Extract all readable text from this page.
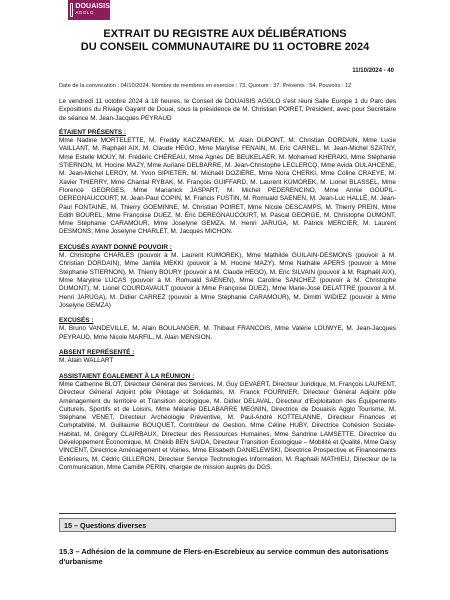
DOUAISIS
AGGLO
EXTRAIT DU REGISTRE AUX DÉLIBÉRATIONS
DU CONSEIL COMMUNAUTAIRE DU 11 OCTOBRE 2024
11/10/2024 - 40
Date de la convocation : 04/10/2024. Nombre de membres en exercice : 73. Quorum : 37. Présents : 54. Pouvoirs : 12

Le vendredi 11 octobre 2024 à 18 heures, le Conseil de DOUAISIS AGGLO s'est réuni Salle Europe 1 du Parc des Expositions du Rivage Gayant de Douai, sous la présidence de M. Christian POIRET, Président, avec pour Secrétaire de séance M. Jean-Jacques PEYRAUD

ÉTAIENT PRÉSENTS :
Mme Nadine MORTELETTE, M. Freddy KACZMAREK, M. Alain DUPONT, M. Christian DORDAIN, Mme Lucie VAILLANT, M. Raphaël AIX, M. Claude HEGO, Mme Marylise FENAIN, M. Eric CARNEL, M. Jean-Michel SZATNY, Mme Estelle MOUY, M. Frédéric CHÉREAU, Mme Agnès DE BEUKELAER, M. Mohamed KHERAKI, Mme Stéphanie STIERNON, M. Hocine MAZY, Mme Auriane DELBARRE, M. Jean-Christophe LECLERCQ, Mme Avida OULAHCENE, M. Jean-Michel LEROY, M. Yvon SIPIETER, M. Michaël DOZIÈRE, Mme Nora CHERKI, Mme Coline CRAEYE, M. Xavier THIERRY, Mme Chantal RYBAK, M. François GUIFFARD, M. Laurent KUMOREK, M. Lionel BLASSEL, Mme Florence GEORGES, Mme Marianick JASPART, M. Michel PEDERENCINO, Mme Annie GOUPIL-DEREGNAUCOURT, M. Jean-Paul COPIN, M. Francis FUSTIN, M. Romuald SAENEN, M. Jean-Luc HALLÉ, M. Jean-Paul FONTAINE, M. Thierry GOEMINNE, M. Christian POIRET, Mme Nicole DESCAMPS, M. Thierry PREIN, Mme Edith BOUREL, Mme Françoise DUEZ, M. Éric DEREGNAUCOURT, M. Pascal GEORGE, M. Christophe DUMONT, Mme Stéphanie CARAMOUR, Mme Joselyne GEMZA, M. Henri JARUGA, M. Patrick MERCIER, M. Laurent DESMONS, Mme Joselyne CHARLET, M. Jacques MICHON.
EXCUSÉS AYANT DONNÉ POUVOIR :
M. Christophe CHARLES (pouvoir à M. Laurent KUMOREK), Mme Mathilde GUILAIN-DESMONS (pouvoir à M. Christian DORDAIN), Mme Jamila MEKKI (pouvoir à M. Hocine MAZY), Mme Nathalie APERS (pouvoir à Mme Stéphanie STIERNON), M. Thierry BOURY (pouvoir à M. Claude HEGO), M. Eric SILVAIN (pouvoir à M. Raphaël AIX), Mme Maryline LUCAS (pouvoir à M. Romuald SAENEN), Mme Caroline SANCHEZ (pouvoir à M. Christophe DUMONT), M. Lionel COURDAVAULT (pouvoir à Mme Françoise DUEZ), Mme Marie-José DELATTRE (pouvoir à M. Henri JARUGA), M. Didier CARREZ (pouvoir à Mme Stéphanie CARAMOUR), M. Dimitri WIDIEZ (pouvoir à Mme Joselyne GEMZA)
EXCUSÉS :
M. Bruno VANDEVILLE, M. Alain BOULANGER, M. Thibaut FRANCOIS, Mme Valérie LOUWYE, M. Jean-Jacques PEYRAUD, Mme Nicole MARFIL, M. Alain MENSION.
ABSENT REPRÉSENTÉ :
M. Alain WALLART
ASSISTAIENT ÉGALEMENT À LA RÉUNION :
Mme Catherine BLOT, Directeur Général des Services, M. Guy GEVAERT, Directeur Juridique, M. François LAURENT, Directeur Général Adjoint pôle Pilotage et Solidarités, M. Franck FOURNIER, Directeur Général Adjoint pôle Aménagement du territoire et Transition écologique, M. Didier DELAVAL, Directeur d'Exploitation des Équipements Culturels, Sportifs et de Loisirs, Mme Mélanie DELABARRE MEGNIN, Directrice de Douaisis Agglo Tourisme, M. Stéphane VENET, Directeur Archéologie Préventive, M. Paul-André KOTTELANNE, Directeur Finances et Comptabilité, M. Guillaume BOUQUET, Contrôleur de Gestion, Mme Céline HUBY, Directrice Cohésion Sociale-Habitat, M. Grégory CLAIRBAUX, Directeur des Ressources Humaines, Mme Sandrine LAMSETTE, Directrice du Développement Économique, M. Chékib BEN SAIDA, Directeur Transition Écologique – Mobilité et Qualité, Mme Daisy VINCENT, Directrice Aménagement et Voiries, Mme Elisabeth DANIELEWSKI, Directrice Prospective et Financements Extérieurs, M. Cédric GILLERON, Directeur Service Technologies Information, M. Raphaël MATHIEU, Directeur de la Communication, Mme Camille PERIN, chargée de mission auprès du DGS.
15 – Questions diverses
15.3 – Adhésion de la commune de Flers-en-Escrebieux au service commun des autorisations d'urbanisme
